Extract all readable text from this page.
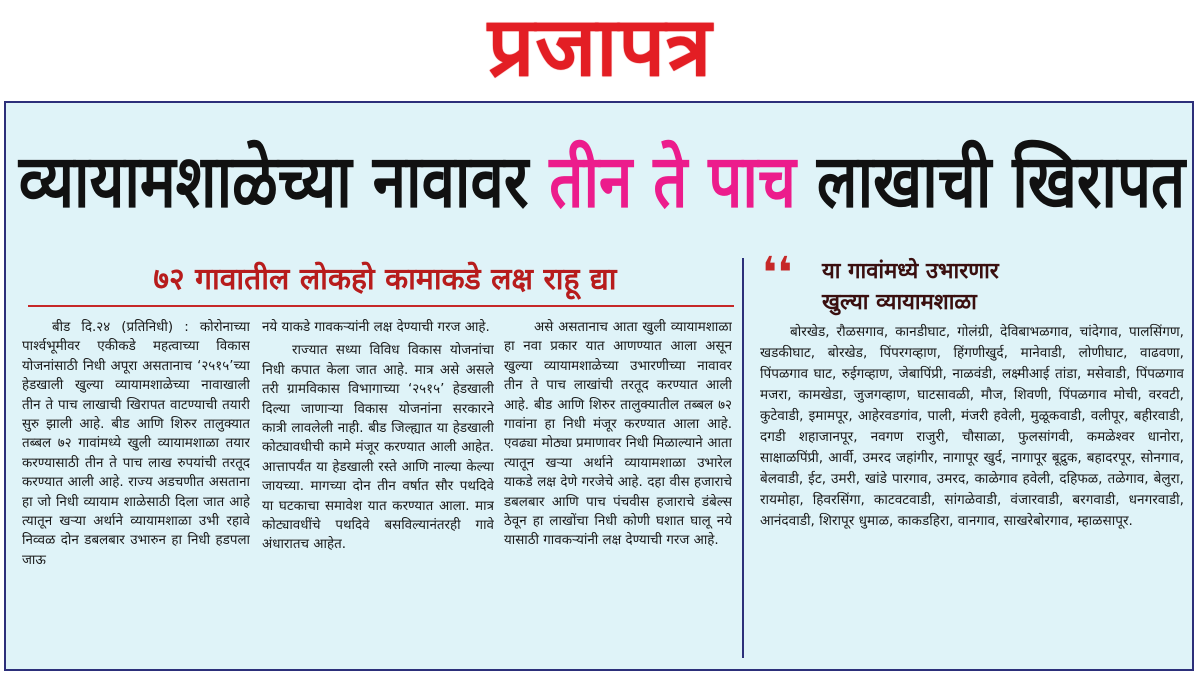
प्रजापत्र
व्यायामशाळेच्या नावावर तीन ते पाच लाखाची खिरापत
७२ गावातील लोकहो कामाकडे लक्ष राहू द्या

बीड दि.२४ (प्रतिनिधी) : कोरोनाच्या पार्श्वभूमीवर एकीकडे महत्वाच्या विकास योजनांसाठी निधी अपूरा असतानाच ‘२५१५’च्या हेडखाली खुल्या व्यायामशाळेच्या नावाखाली तीन ते पाच लाखाची खिरापत वाटण्याची तयारी सुरु झाली आहे. बीड आणि शिरुर तालुक्यात तब्बल ७२ गावांमध्ये खुली व्यायामशाळा तयार करण्यासाठी तीन ते पाच लाख रुपयांची तरतूद करण्यात आली आहे. राज्य अडचणीत असताना हा जो निधी व्यायाम शाळेसाठी दिला जात आहे त्यातून खऱ्या अर्थाने व्यायामशाळा उभी रहावे निव्वळ दोन डबलबार उभारुन हा निधी हडपला जाऊ

नये याकडे गावकऱ्यांनी लक्ष देण्याची गरज आहे.

राज्यात सध्या विविध विकास योजनांचा निधी कपात केला जात आहे. मात्र असे असले तरी ग्रामविकास विभागाच्या ‘२५१५’ हेडखाली दिल्या जाणाऱ्या विकास योजनांना सरकारने कात्री लावलेली नाही. बीड जिल्ह्यात या हेडखाली कोट्यावधीची कामे मंजूर करण्यात आली आहेत. आत्तापर्यंत या हेडखाली रस्ते आणि नाल्या केल्या जायच्या. मागच्या दोन तीन वर्षात सौर पथदिवे या घटकाचा समावेश यात करण्यात आला. मात्र कोट्यावधींचे पथदिवे बसविल्यानंतरही गावे अंधारातच आहेत.

असे असतानाच आता खुली व्यायामशाळा हा नवा प्रकार यात आणण्यात आला असून खुल्या व्यायामशाळेच्या उभारणीच्या नावावर तीन ते पाच लाखांची तरतूद करण्यात आली आहे. बीड आणि शिरुर तालुक्यातील तब्बल ७२ गावांना हा निधी मंजूर करण्यात आला आहे. एवढ्या मोठ्या प्रमाणावर निधी मिळाल्याने आता त्यातून खऱ्या अर्थाने व्यायामशाळा उभारेल याकडे लक्ष देणे गरजेचे आहे. दहा वीस हजाराचे डबलबार आणि पाच पंचवीस हजाराचे डंबेल्स ठेवून हा लाखोंचा निधी कोणी घशात घालू नये यासाठी गावकऱ्यांनी लक्ष देण्याची गरज आहे.

❛❛ या गावांमध्ये उभारणार
खुल्या व्यायामशाळा
बोरखेड, रौळसगाव, कानडीघाट, गोलंग्री, देविबाभळगाव, चांदेगाव, पालसिंगण, खडकीघाट, बोरखेड, पिंपरगव्हाण, हिंगणीखुर्द, मानेवाडी, लोणीघाट, वाढवणा, पिंपळगाव घाट, रुईगव्हाण, जेबापिंप्री, नाळवंडी, लक्ष्मीआई तांडा, मसेवाडी, पिंपळगाव मजरा, कामखेडा, जुजगव्हाण, घाटसावळी, मौज, शिवणी, पिंपळगाव मोची, वरवटी, कुटेवाडी, इमामपूर, आहेरवडगांव, पाली, मंजरी हवेली, मुळूकवाडी, वलीपूर, बहीरवाडी, दगडी शहाजानपूर, नवगण राजुरी, चौसाळा, फुलसांगवी, कमळेश्वर धानोरा, साक्षाळपिंप्री, आर्वी, उमरद जहांगीर, नागापूर खुर्द, नागापूर बूद्रुक, बहादरपूर, सोनगाव, बेलवाडी, ईट, उमरी, खांडे पारगाव, उमरद, काळेगाव हवेली, दहिफळ, तळेगाव, बेलुरा, रायमोहा, हिवरसिंगा, काटवटवाडी, सांगळेवाडी, वंजारवाडी, बरगवाडी, धनगरवाडी, आनंदवाडी, शिरापूर धुमाळ, काकडहिरा, वानगाव, साखरेबोरगाव, म्हाळसापूर.
